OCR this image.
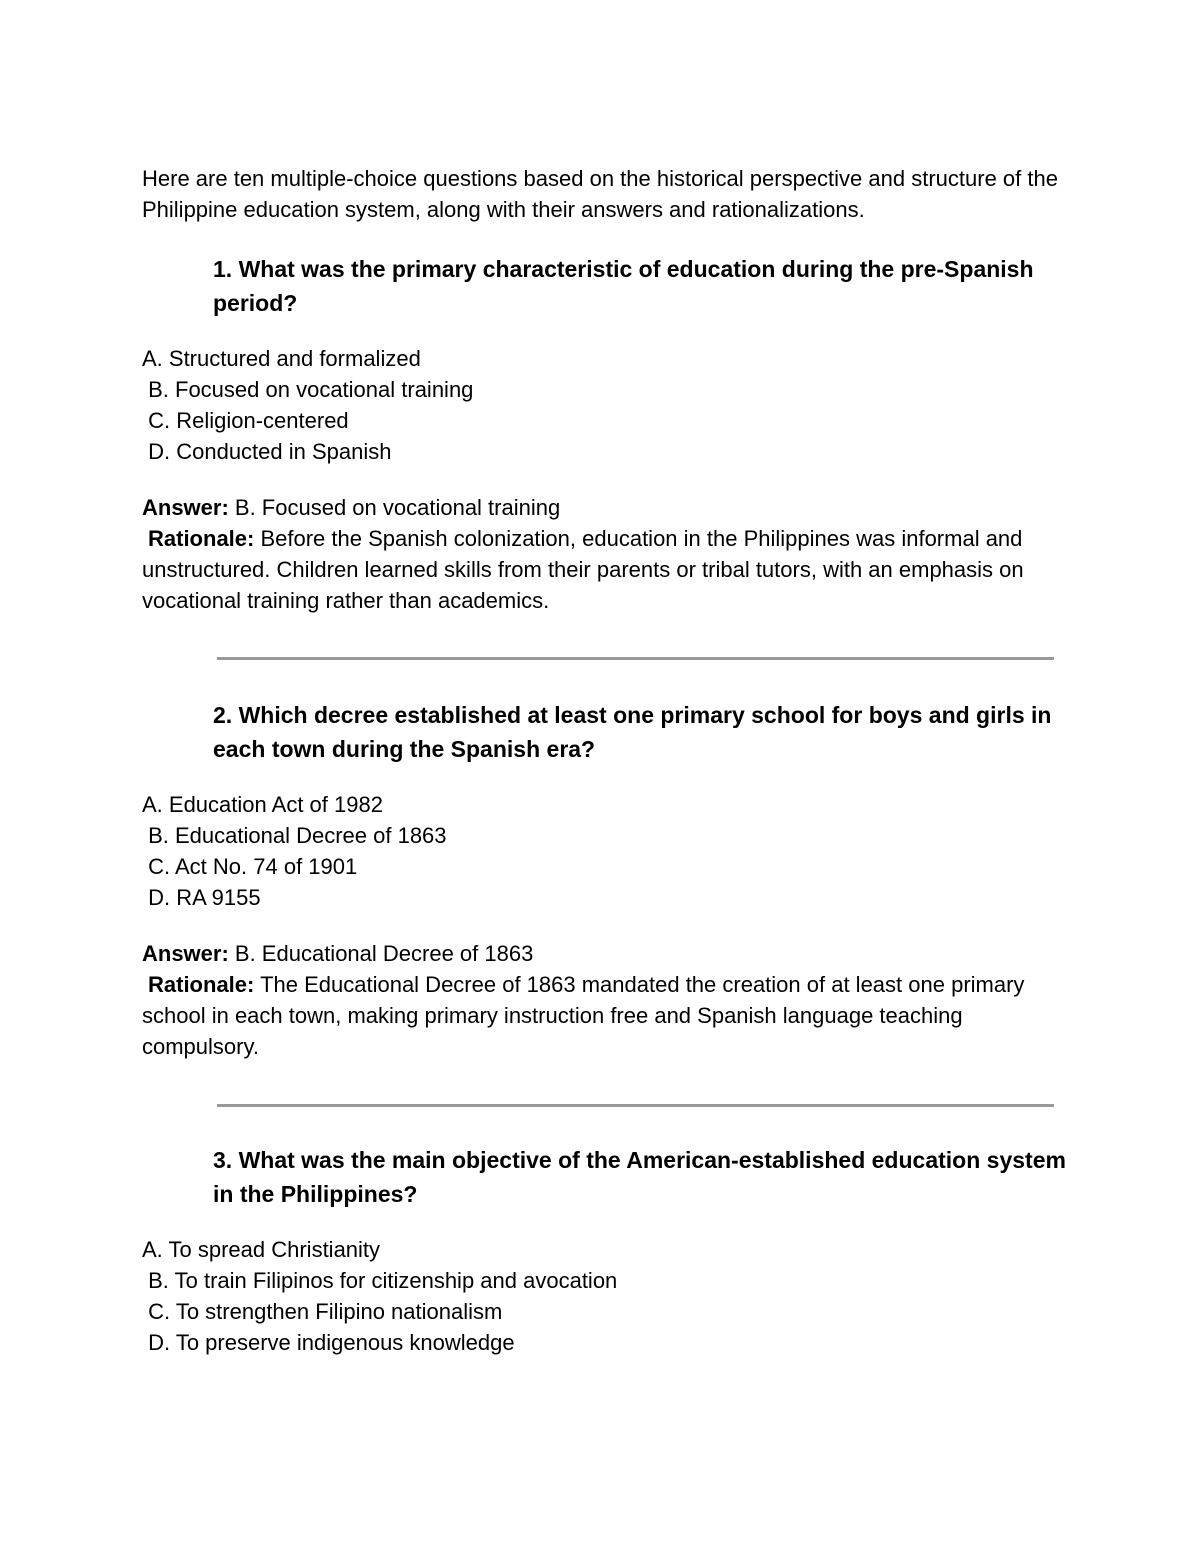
Here are ten multiple-choice questions based on the historical perspective and structure of the Philippine education system, along with their answers and rationalizations.

1. What was the primary characteristic of education during the pre-Spanish period?
A. Structured and formalized
B. Focused on vocational training
C. Religion-centered
D. Conducted in Spanish

Answer: B. Focused on vocational training

Rationale: Before the Spanish colonization, education in the Philippines was informal and unstructured. Children learned skills from their parents or tribal tutors, with an emphasis on vocational training rather than academics.

2. Which decree established at least one primary school for boys and girls in each town during the Spanish era?
A. Education Act of 1982
B. Educational Decree of 1863
C. Act No. 74 of 1901
D. RA 9155

Answer: B. Educational Decree of 1863

Rationale: The Educational Decree of 1863 mandated the creation of at least one primary school in each town, making primary instruction free and Spanish language teaching compulsory.

3. What was the main objective of the American-established education system in the Philippines?
A. To spread Christianity
B. To train Filipinos for citizenship and avocation
C. To strengthen Filipino nationalism
D. To preserve indigenous knowledge
